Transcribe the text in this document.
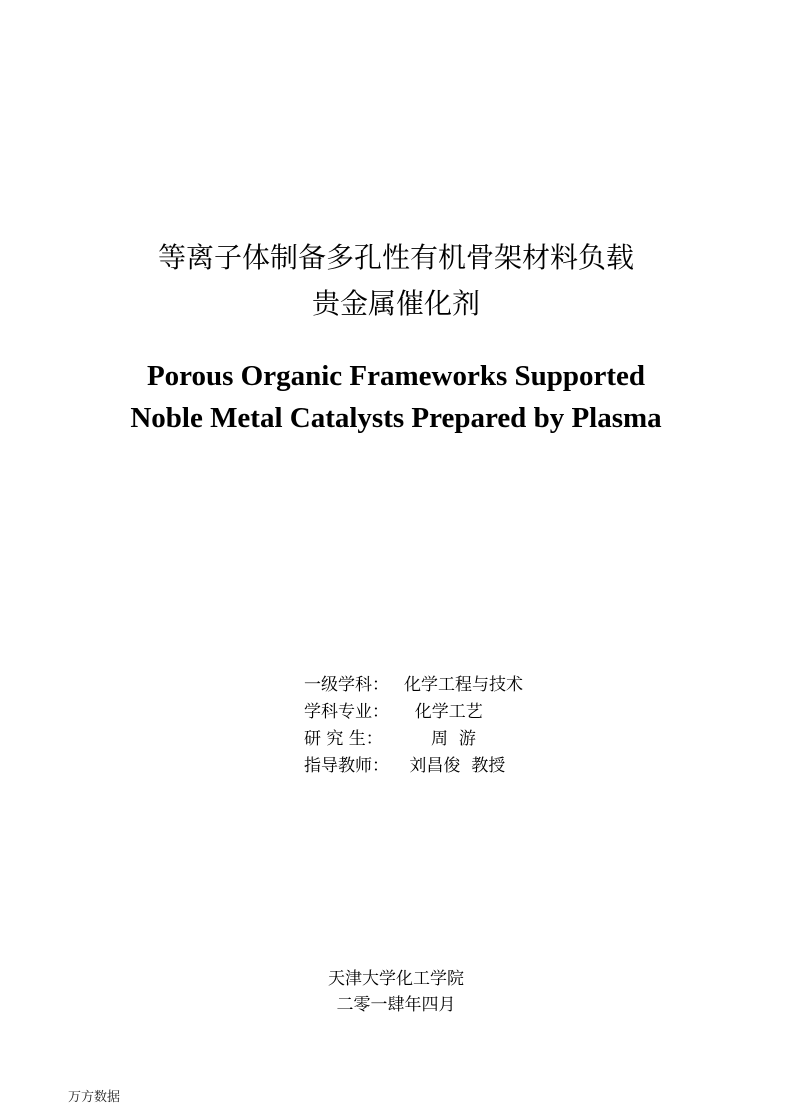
等离子体制备多孔性有机骨架材料负载
贵金属催化剂
Porous Organic Frameworks Supported
Noble Metal Catalysts Prepared by Plasma
一级学科： 化学工程与技术
学科专业： 化学工艺
研 究 生：	周  游
指导教师： 刘昌俊  教授
天津大学化工学院
二零一肆年四月
万方数据
